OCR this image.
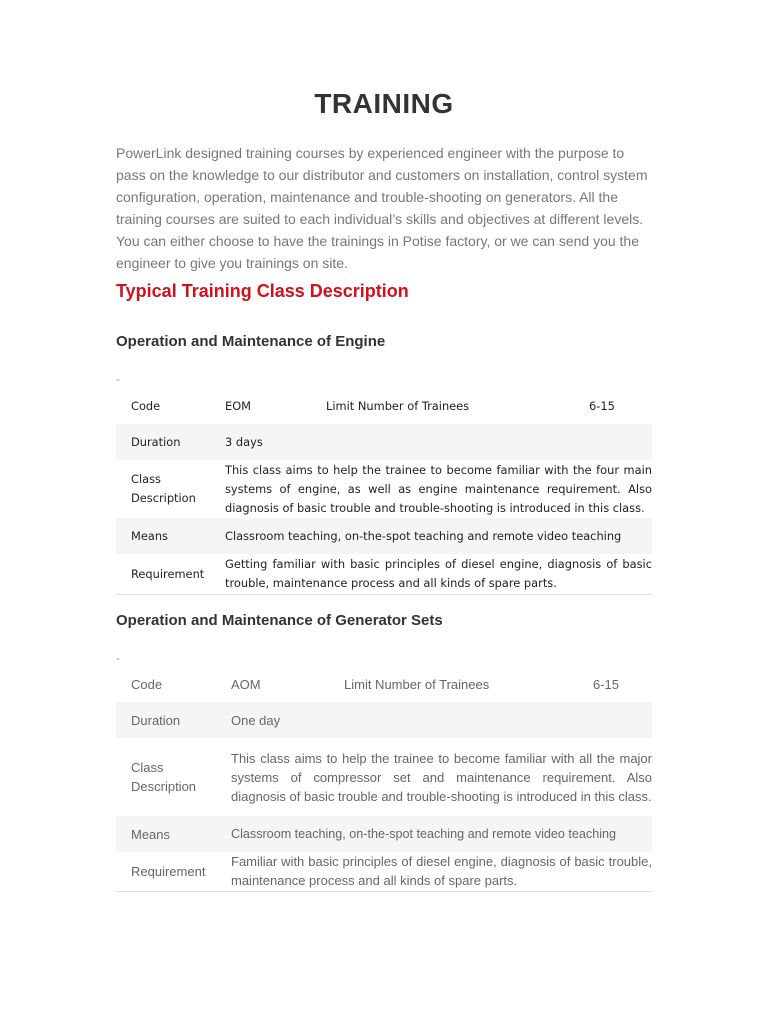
TRAINING

PowerLink designed training courses by experienced engineer with the purpose to pass on the knowledge to our distributor and customers on installation, control system configuration, operation, maintenance and trouble-shooting on generators. All the training courses are suited to each individual’s skills and objectives at different levels. You can either choose to have the trainings in Potise factory, or we can send you the engineer to give you trainings on site.

Typical Training Class Description
Operation and Maintenance of Engine

-

Code	EOM Limit Number of Trainees 6-15
Duration	3 days
Class
Description	This class aims to help the trainee to become familiar with the four main systems of engine, as well as engine maintenance requirement. Also diagnosis of basic trouble and trouble-shooting is introduced in this class.
Means	Classroom teaching, on-the-spot teaching and remote video teaching
Requirement	Getting familiar with basic principles of diesel engine, diagnosis of basic trouble, maintenance process and all kinds of spare parts.
Operation and Maintenance of Generator Sets

-

Code	AOM Limit Number of Trainees 6-15
Duration	One day
Class
Description	This class aims to help the trainee to become familiar with all the major systems of compressor set and maintenance requirement. Also diagnosis of basic trouble and trouble-shooting is introduced in this class.
Means	Classroom teaching, on-the-spot teaching and remote video teaching
Requirement	Familiar with basic principles of diesel engine, diagnosis of basic trouble, maintenance process and all kinds of spare parts.
